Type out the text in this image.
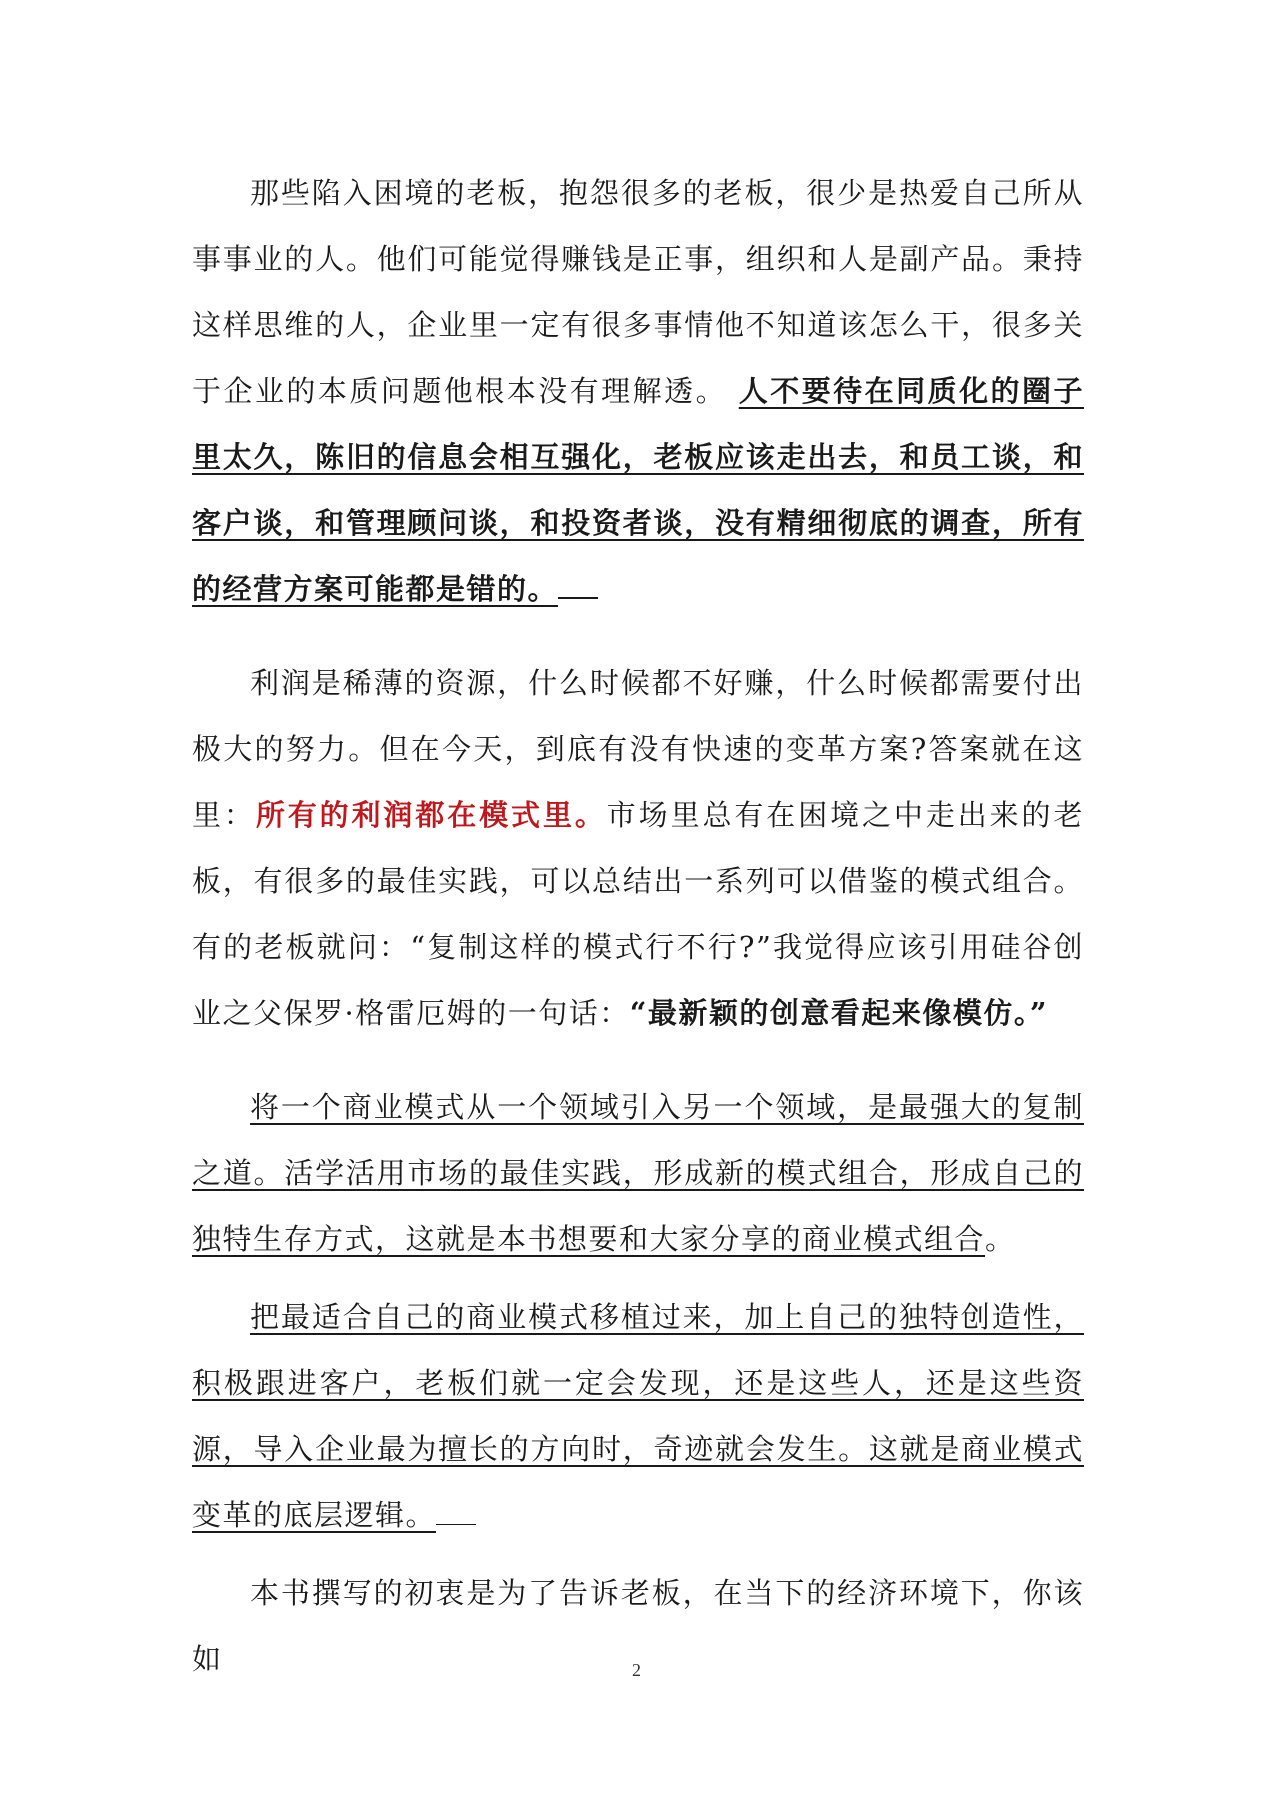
那些陷入困境的老板，抱怨很多的老板，很少是热爱自己所从事事业的人。他们可能觉得赚钱是正事，组织和人是副产品。秉持这样思维的人，企业里一定有很多事情他不知道该怎么干，很多关于企业的本质问题他根本没有理解透。 人不要待在同质化的圈子里太久，陈旧的信息会相互强化，老板应该走出去，和员工谈，和客户谈，和管理顾问谈，和投资者谈，没有精细彻底的调查，所有的经营方案可能都是错的。

利润是稀薄的资源，什么时候都不好赚，什么时候都需要付出极大的努力。但在今天，到底有没有快速的变革方案?答案就在这里：所有的利润都在模式里。市场里总有在困境之中走出来的老板，有很多的最佳实践，可以总结出一系列可以借鉴的模式组合。有的老板就问：“复制这样的模式行不行?”我觉得应该引用硅谷创业之父保罗·格雷厄姆的一句话：“最新颖的创意看起来像模仿。”

将一个商业模式从一个领域引入另一个领域，是最强大的复制之道。活学活用市场的最佳实践，形成新的模式组合，形成自己的独特生存方式，这就是本书想要和大家分享的商业模式组合。

把最适合自己的商业模式移植过来，加上自己的独特创造性，积极跟进客户，老板们就一定会发现，还是这些人，还是这些资源，导入企业最为擅长的方向时，奇迹就会发生。这就是商业模式变革的底层逻辑。

本书撰写的初衷是为了告诉老板，在当下的经济环境下，你该如	2
